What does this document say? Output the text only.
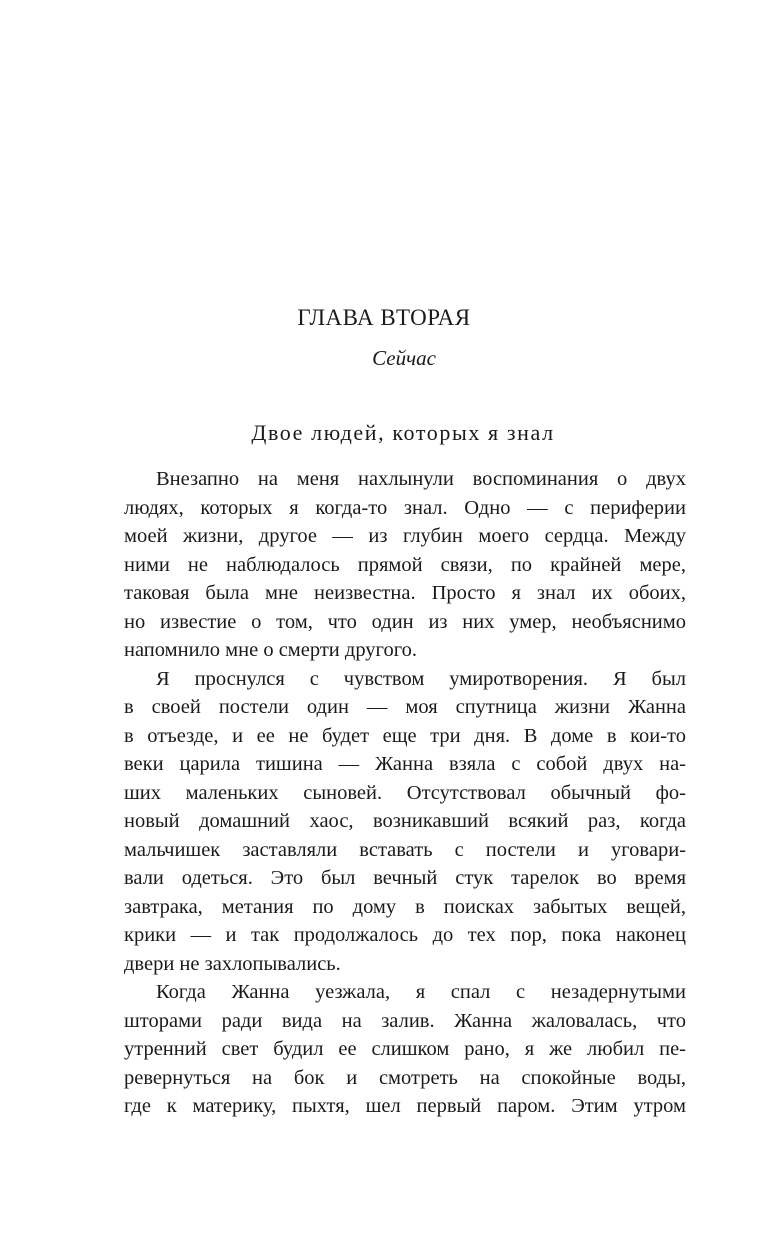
ГЛАВА ВТОРАЯ
Сейчас
Двое людей, которых я знал
Внезапно на меня нахлынули воспоминания о двух
людях, которых я когда-то знал. Одно — с периферии
моей жизни, другое — из глубин моего сердца. Между
ними не наблюдалось прямой связи, по крайней мере,
таковая была мне неизвестна. Просто я знал их обоих,
но известие о том, что один из них умер, необъяснимо
напомнило мне о смерти другого.
Я проснулся с чувством умиротворения. Я был
в своей постели один — моя спутница жизни Жанна
в отъезде, и ее не будет еще три дня. В доме в кои-то
веки царила тишина — Жанна взяла с собой двух на-
ших маленьких сыновей. Отсутствовал обычный фо-
новый домашний хаос, возникавший всякий раз, когда
мальчишек заставляли вставать с постели и уговари-
вали одеться. Это был вечный стук тарелок во время
завтрака, метания по дому в поисках забытых вещей,
крики — и так продолжалось до тех пор, пока наконец
двери не захлопывались.
Когда Жанна уезжала, я спал с незадернутыми
шторами ради вида на залив. Жанна жаловалась, что
утренний свет будил ее слишком рано, я же любил пе-
ревернуться на бок и смотреть на спокойные воды,
где к материку, пыхтя, шел первый паром. Этим утром
